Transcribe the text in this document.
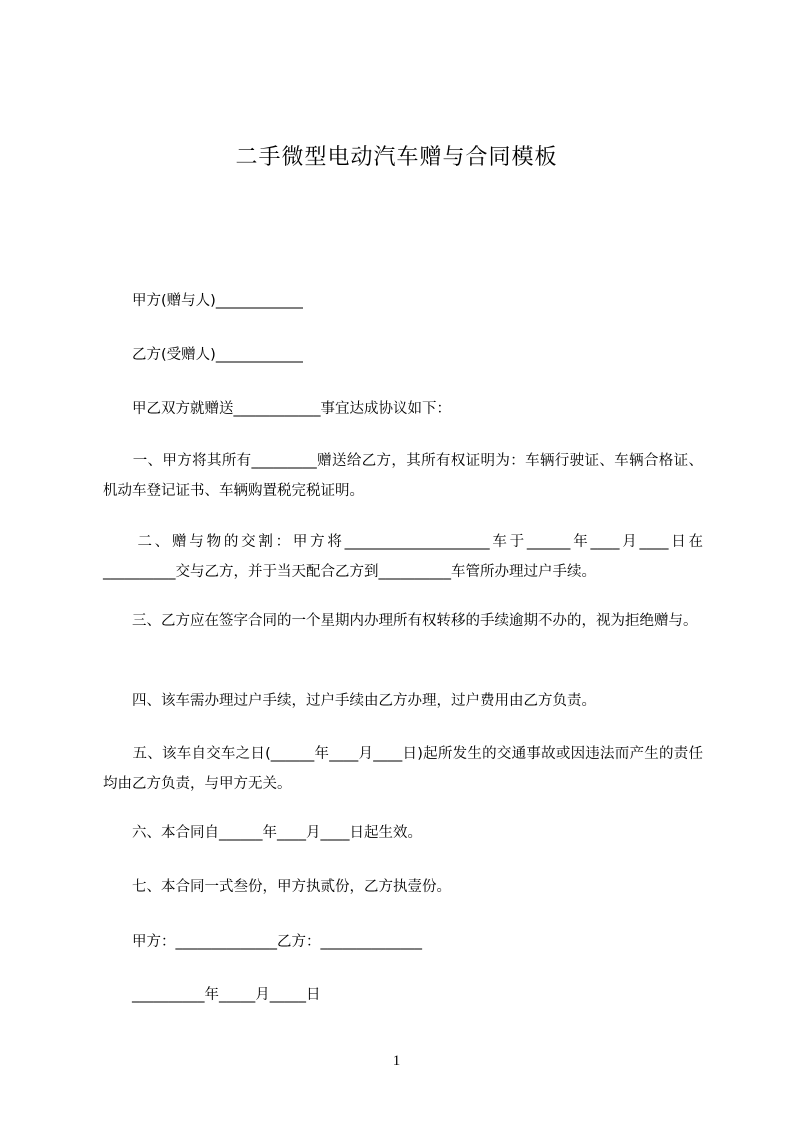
二手微型电动汽车赠与合同模板
　　甲方(赠与人)____________
　　乙方(受赠人)____________
　　甲乙双方就赠送____________事宜达成协议如下：
　　一、甲方将其所有_________赠送给乙方，其所有权证明为：车辆行驶证、车辆合格证、机动车登记证书、车辆购置税完税证明。
　　二、赠与物的交割：甲方将____________________车于______年____月____日在__________交与乙方，并于当天配合乙方到__________车管所办理过户手续。
　　三、乙方应在签字合同的一个星期内办理所有权转移的手续逾期不办的，视为拒绝赠与。
　　四、该车需办理过户手续，过户手续由乙方办理，过户费用由乙方负责。
　　五、该车自交车之日(______年____月____日)起所发生的交通事故或因违法而产生的责任均由乙方负责，与甲方无关。
　　六、本合同自______年____月____日起生效。
　　七、本合同一式叁份，甲方执贰份，乙方执壹份。
　　甲方：______________乙方：______________
　　__________年_____月_____日
1
